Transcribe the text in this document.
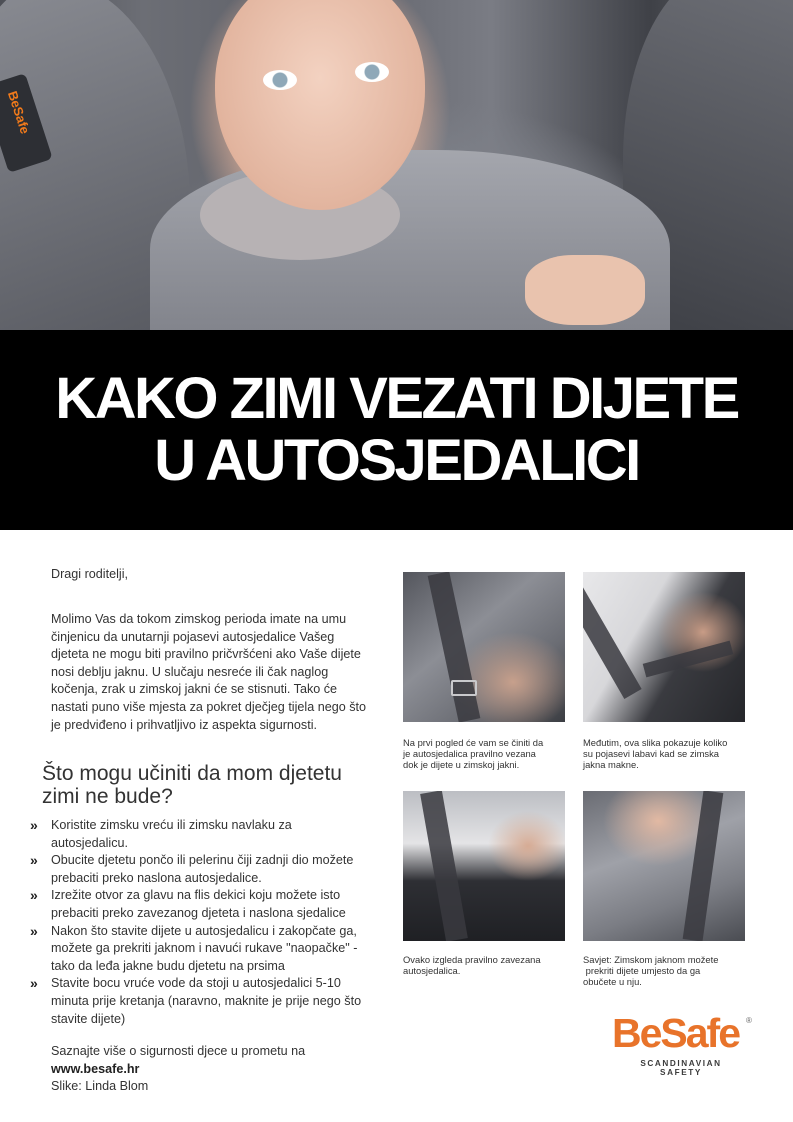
BeSafe
KAKO ZIMI VEZATI DIJETE
U AUTOSJEDALICI
Dragi roditelji,
Molimo Vas da tokom zimskog perioda imate na umu
činjenicu da unutarnji pojasevi autosjedalice Vašeg
djeteta ne mogu biti pravilno pričvršćeni ako Vaše dijete
nosi deblju jaknu. U slučaju nesreće ili čak naglog
kočenja, zrak u zimskoj jakni će se stisnuti. Tako će
nastati puno više mjesta za pokret dječjeg tijela nego što
je predviđeno i prihvatljivo iz aspekta sigurnosti.
Što mogu učiniti da mom djetetu
zimi ne bude?
» Koristite zimsku vreću ili zimsku navlaku za
autosjedalicu.
» Obucite djetetu pončo ili pelerinu čiji zadnji dio možete
prebaciti preko naslona autosjedalice.
» Izrežite otvor za glavu na flis dekici koju možete isto
prebaciti preko zavezanog djeteta i naslona sjedalice
» Nakon što stavite dijete u autosjedalicu i zakopčate ga,
možete ga prekriti jaknom i navući rukave "naopačke" -
tako da leđa jakne budu djetetu na prsima
» Stavite bocu vruće vode da stoji u autosjedalici 5-10
minuta prije kretanja (naravno, maknite je prije nego što
stavite dijete)
Saznajte više o sigurnosti djece u prometu na
www.besafe.hr
Slike: Linda Blom
Na prvi pogled će vam se činiti da
je autosjedalica pravilno vezana
dok je dijete u zimskoj jakni.
Međutim, ova slika pokazuje koliko
su pojasevi labavi kad se zimska
jakna makne.
Ovako izgleda pravilno zavezana
autosjedalica.
Savjet: Zimskom jaknom možete
prekriti dijete umjesto da ga
obučete u nju.
BeSafe ®
SCANDINAVIAN
SAFETY
